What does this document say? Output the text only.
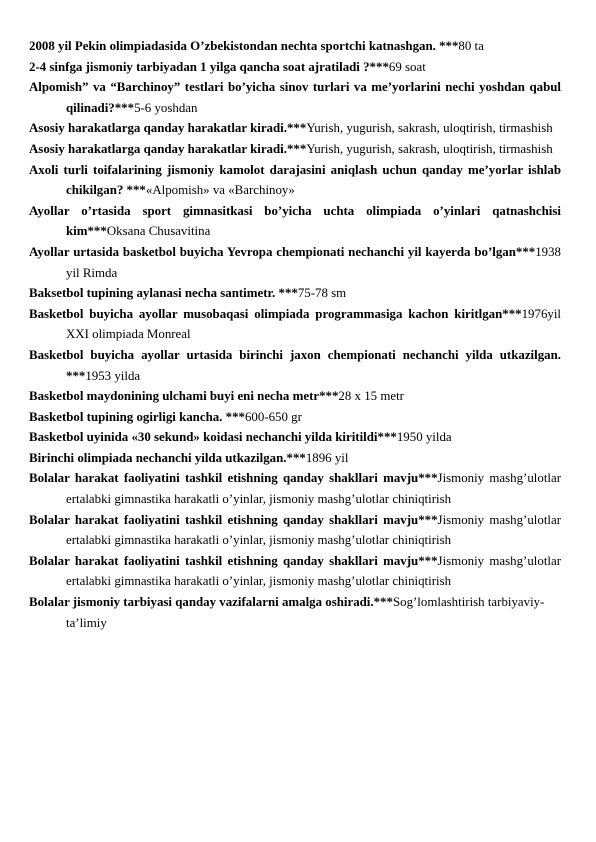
2008 yil Pekin olimpiadasida O’zbekistondan nechta sportchi katnashgan. ***80 ta

2-4 sinfga jismoniy tarbiyadan 1 yilga qancha soat ajratiladi ?***69 soat

Alpomish” va “Barchinoy” testlari bo’yicha sinov turlari va me’yorlarini nechi yoshdan qabul qilinadi?***5-6 yoshdan

Asosiy harakatlarga qanday harakatlar kiradi.***Yurish, yugurish, sakrash, uloqtirish, tirmashish

Asosiy harakatlarga qanday harakatlar kiradi.***Yurish, yugurish, sakrash, uloqtirish, tirmashish

Axoli turli toifalarining jismoniy kamolot darajasini aniqlash uchun qanday me’yorlar ishlab chikilgan? ***«Alpomish» va «Barchinoy»

Ayollar o’rtasida sport gimnasitkasi bo’yicha uchta olimpiada o’yinlari qatnashchisi kim***Oksana Chusavitina

Ayollar urtasida basketbol buyicha Yevropa chempionati nechanchi yil kayerda bo’lgan***1938 yil Rimda

Baksetbol tupining aylanasi necha santimetr. ***75-78 sm

Basketbol buyicha ayollar musobaqasi olimpiada programmasiga kachon kiritlgan***1976yil XXI olimpiada Monreal

Basketbol buyicha ayollar urtasida birinchi jaxon chempionati nechanchi yilda utkazilgan. ***1953 yilda

Basketbol maydonining ulchami buyi eni necha metr***28 x 15 metr

Basketbol tupining ogirligi kancha. ***600-650 gr

Basketbol uyinida «30 sekund» koidasi nechanchi yilda kiritildi***1950 yilda

Birinchi olimpiada nechanchi yilda utkazilgan.***1896 yil

Bolalar harakat faoliyatini tashkil etishning qanday shakllari mavju***Jismoniy mashg’ulotlar ertalabki gimnastika harakatli o’yinlar, jismoniy mashg’ulotlar chiniqtirish

Bolalar harakat faoliyatini tashkil etishning qanday shakllari mavju***Jismoniy mashg’ulotlar ertalabki gimnastika harakatli o’yinlar, jismoniy mashg’ulotlar chiniqtirish

Bolalar harakat faoliyatini tashkil etishning qanday shakllari mavju***Jismoniy mashg’ulotlar ertalabki gimnastika harakatli o’yinlar, jismoniy mashg’ulotlar chiniqtirish

Bolalar jismoniy tarbiyasi qanday vazifalarni amalga oshiradi.***Sog’lomlashtirish tarbiyaviy- ta’limiy
